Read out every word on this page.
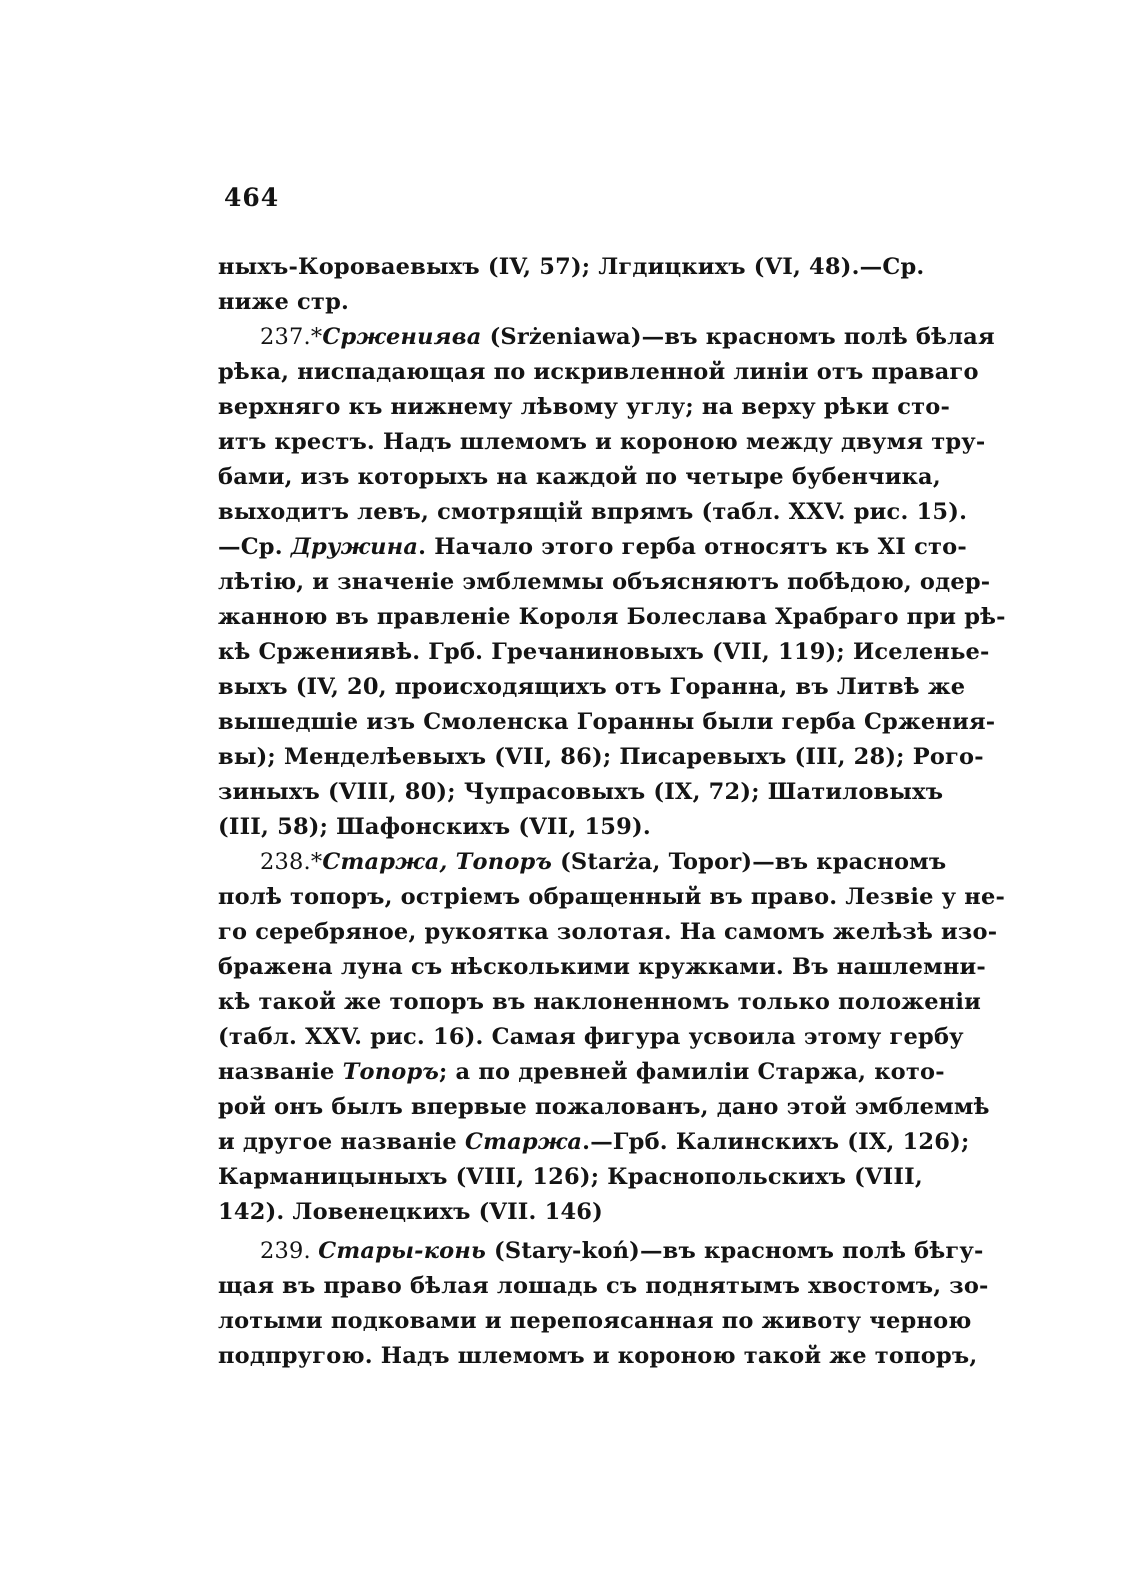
464
ныхъ-Коровaевыхъ (IV, 57); Лгдицкихъ (VI, 48).—Ср.
ниже стр.
237.*Сржениява (Srżeniawa)—въ красномъ полѣ бѣлая
рѣка, ниспадающая по искривленной линіи отъ праваго
верхняго къ нижнему лѣвому углу; на верху рѣки сто-
итъ крестъ. Надъ шлемомъ и короною между двумя тру-
бами, изъ которыхъ на каждой по четыре бубенчика,
выходитъ левъ, смотрящій впрямъ (табл. XXV. рис. 15).
—Ср. Дружина. Начало этого герба относятъ къ XI сто-
лѣтію, и значеніе эмблеммы объясняютъ побѣдою, одер-
жанною въ правленіе Короля Болеслава Храбраго при рѣ-
кѣ Сржениявѣ. Грб. Гречаниновыхъ (VII, 119); Иселенье-
выхъ (IV, 20, происходящихъ отъ Горанна, въ Литвѣ же
вышедшіе изъ Смоленска Горанны были герба Сржения-
вы); Менделѣевыхъ (VII, 86); Писаревыхъ (III, 28); Рого-
зиныхъ (VIII, 80); Чупрасовыхъ (IX, 72); Шатиловыхъ
(III, 58); Шафонскихъ (VII, 159).
238.*Старжа, Топоръ (Starża, Topor)—въ красномъ
полѣ топоръ, остріемъ обращенный въ право. Лезвіе у не-
го серебряное, рукоятка золотая. На самомъ желѣзѣ изо-
бражена луна съ нѣсколькими кружками. Въ нашлемни-
кѣ такой же топоръ въ наклоненномъ только положеніи
(табл. XXV. рис. 16). Самая фигура усвоила этому гербу
названіе Топоръ; а по древней фамиліи Старжа, кото-
рой онъ былъ впервые пожалованъ, дано этой эмблеммѣ
и другое названіе Старжа.—Грб. Калинскихъ (IX, 126);
Карманицыныхъ (VIII, 126); Краснопольскихъ (VIII,
142). Ловенецкихъ (VII. 146)
239. Стары-конь (Stary-koń)—въ красномъ полѣ бѣгу-
щая въ право бѣлая лошадь съ поднятымъ хвостомъ, зо-
лотыми подковами и перепоясанная по животу черною
подпругою. Надъ шлемомъ и короною такой же топоръ,
